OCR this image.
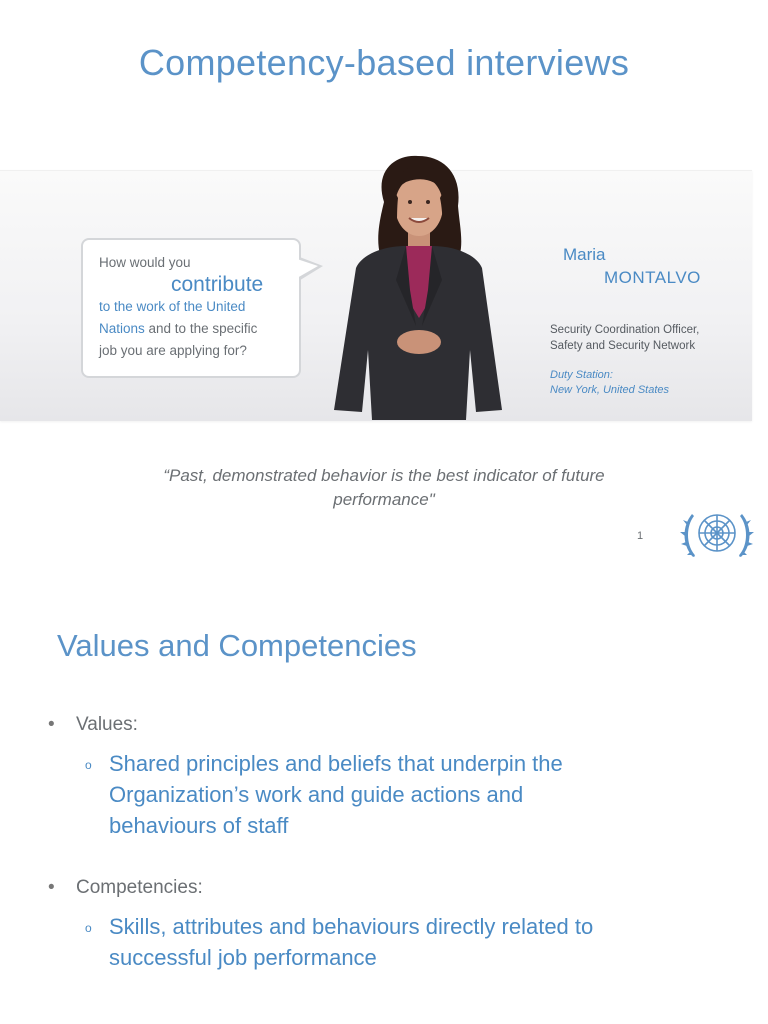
Competency-based interviews
How would you

contribute
to the work of the United
Nations and to the specific
job you are applying for?
Maria
MONTALVO
Security Coordination Officer,
Safety and Security Network
Duty Station:
New York, United States
“Past, demonstrated behavior is the best indicator of future
performance"
1
Values and Competencies
• Values:
o Shared principles and beliefs that underpin the
Organization’s work and guide actions and
behaviours of staff
• Competencies:
o Skills, attributes and behaviours directly related to
successful job performance
